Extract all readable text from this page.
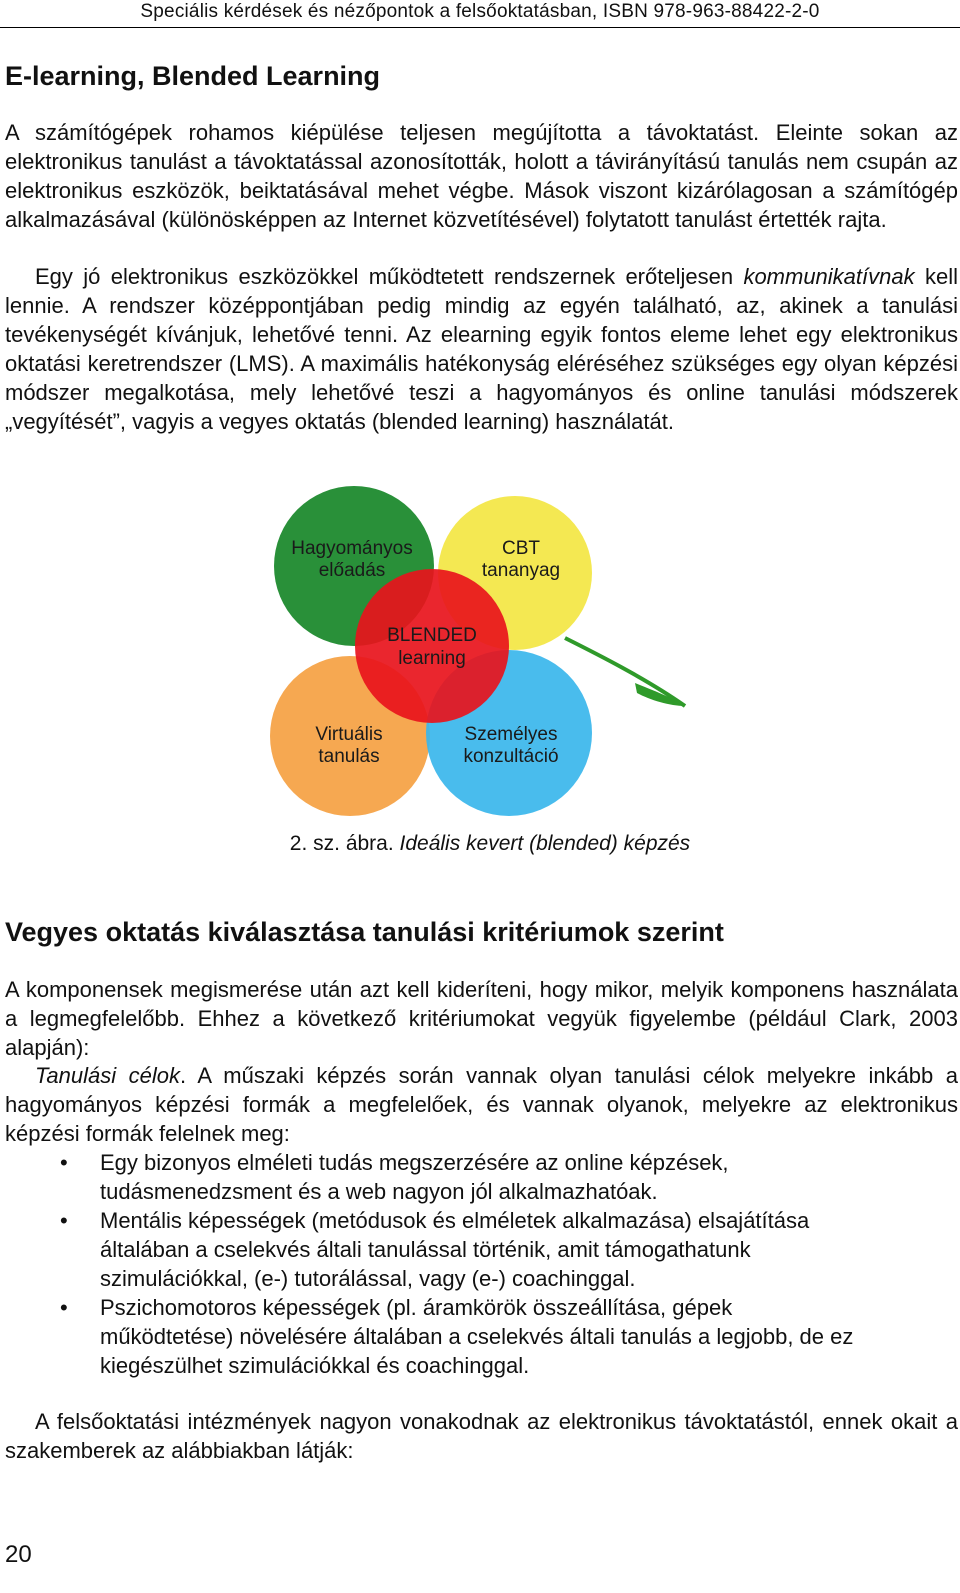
Speciális kérdések és nézőpontok a felsőoktatásban, ISBN 978-963-88422-2-0
E-learning, Blended Learning

A számítógépek rohamos kiépülése teljesen megújította a távoktatást. Eleinte sokan az elektronikus tanulást a távoktatással azonosították, holott a távirányítású tanulás nem csupán az elektronikus eszközök, beiktatásával mehet végbe. Mások viszont kizárólagosan a számítógép alkalmazásával (különösképpen az Internet közvetítésével) folytatott tanulást értették rajta.

Egy jó elektronikus eszközökkel működtetett rendszernek erőteljesen kommunikatívnak kell lennie. A rendszer középpontjában pedig mindig az egyén található, az, akinek a tanulási tevékenységét kívánjuk, lehetővé tenni. Az elearning egyik fontos eleme lehet egy elektronikus oktatási keretrendszer (LMS). A maximális hatékonyság eléréséhez szükséges egy olyan képzési módszer megalkotása, mely lehetővé teszi a hagyományos és online tanulási módszerek „vegyítését”, vagyis a vegyes oktatás (blended learning) használatát.

Hagyományos
előadás
CBT
tananyag
BLENDED
learning
Virtuális
tanulás
Személyes
konzultáció
2. sz. ábra. Ideális kevert (blended) képzés
Vegyes oktatás kiválasztása tanulási kritériumok szerint

A komponensek megismerése után azt kell kideríteni, hogy mikor, melyik komponens használata a legmegfelelőbb. Ehhez a következő kritériumokat vegyük figyelembe (például Clark, 2003 alapján):

Tanulási célok. A műszaki képzés során vannak olyan tanulási célok melyekre inkább a hagyományos képzési formák a megfelelőek, és vannak olyanok, melyekre az elektronikus képzési formák felelnek meg:

• Egy bizonyos elméleti tudás megszerzésére az online képzések, tudásmenedzsment és a web nagyon jól alkalmazhatóak.
• Mentális képességek (metódusok és elméletek alkalmazása) elsajátítása általában a cselekvés általi tanulással történik, amit támogathatunk szimulációkkal, (e-) tutorálással, vagy (e-) coachinggal.
• Pszichomotoros képességek (pl. áramkörök összeállítása, gépek működtetése) növelésére általában a cselekvés általi tanulás a legjobb, de ez kiegészülhet szimulációkkal és coachinggal.

A felsőoktatási intézmények nagyon vonakodnak az elektronikus távoktatástól, ennek okait a szakemberek az alábbiakban látják:

20
